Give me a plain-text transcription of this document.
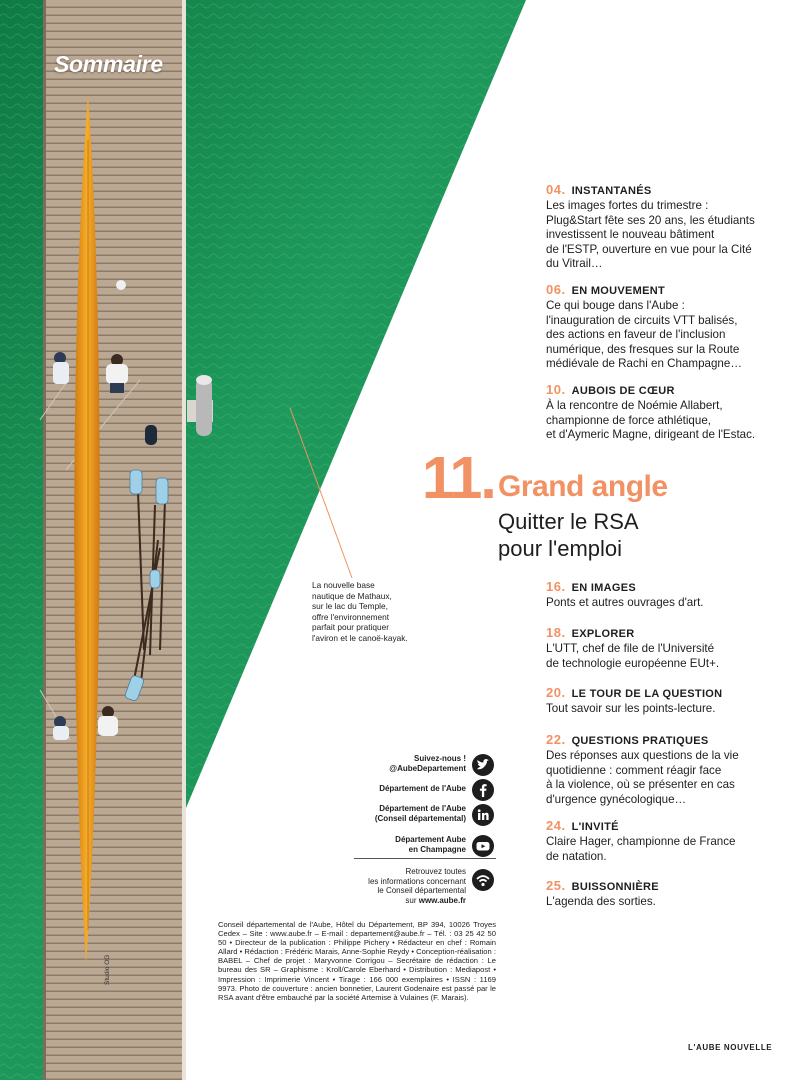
Sommaire
La nouvelle base
nautique de Mathaux,
sur le lac du Temple,
offre l'environnement
parfait pour pratiquer
l'aviron et le canoë-kayak.
Studio OG
04. INSTANTANÉS
Les images fortes du trimestre :
Plug&Start fête ses 20 ans, les étudiants
investissent le nouveau bâtiment
de l'ESTP, ouverture en vue pour la Cité
du Vitrail…
06. EN MOUVEMENT
Ce qui bouge dans l'Aube :
l'inauguration de circuits VTT balisés,
des actions en faveur de l'inclusion
numérique, des fresques sur la Route
médiévale de Rachi en Champagne…
10. AUBOIS DE CŒUR
À la rencontre de Noémie Allabert,
championne de force athlétique,
et d'Aymeric Magne, dirigeant de l'Estac.
16. EN IMAGES
Ponts et autres ouvrages d'art.
18. EXPLORER
L'UTT, chef de file de l'Université
de technologie européenne EUt+.
20. LE TOUR DE LA QUESTION
Tout savoir sur les points-lecture.
22. QUESTIONS PRATIQUES
Des réponses aux questions de la vie
quotidienne : comment réagir face
à la violence, où se présenter en cas
d'urgence gynécologique…
24. L'INVITÉ
Claire Hager, championne de France
de natation.
25. BUISSONNIÈRE
L'agenda des sorties.
11. Grand angle
Quitter le RSA
pour l'emploi
Suivez-nous !
@AubeDepartement
Département de l'Aube
Département de l'Aube
(Conseil départemental)
Département Aube
en Champagne
Retrouvez toutes
les informations concernant
le Conseil départemental
sur www.aube.fr
Conseil départemental de l'Aube, Hôtel du Département, BP 394, 10026 Troyes Cedex – Site : www.aube.fr – E-mail : departement@aube.fr – Tél. : 03 25 42 50 50 • Directeur de la publication : Philippe Pichery • Rédacteur en chef : Romain Allard • Rédaction : Frédéric Marais, Anne-Sophie Reydy • Conception-réalisation : BABEL – Chef de projet : Maryvonne Corrigou – Secrétaire de rédaction : Le bureau des SR – Graphisme : Kroll/Carole Eberhard • Distribution : Mediapost • Impression : Imprimerie Vincent • Tirage : 166 000 exemplaires • ISSN : 1169 9973. Photo de couverture : ancien bonnetier, Laurent Godenaire est passé par le RSA avant d'être embauché par la société Artemise à Vulaines (F. Marais).
L'AUBE NOUVELLE
